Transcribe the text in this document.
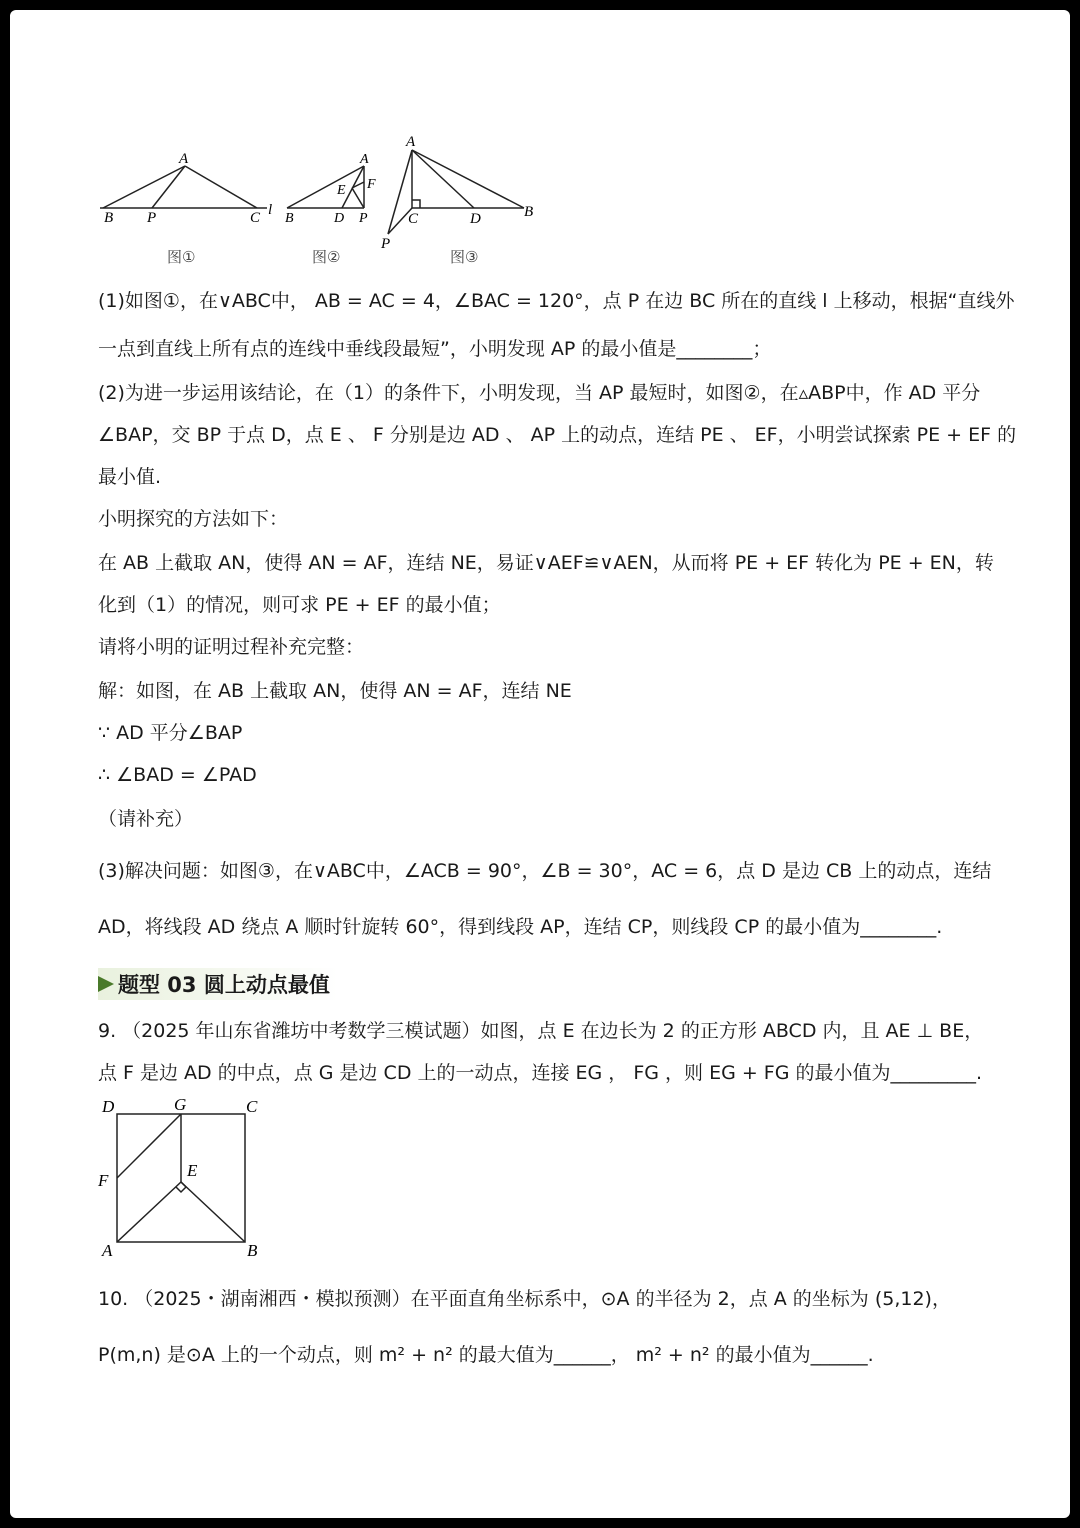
A
B P	C l
图①
A
E F
B	D P
图②
A
C	D	B
P
图③
(1)如图①，在∨ABC中， AB = AC = 4，∠BAC = 120°，点 P 在边 BC 所在的直线 l 上移动，根据“直线外
一点到直线上所有点的连线中垂线段最短”，小明发现 AP 的最小值是________；
(2)为进一步运用该结论，在（1）的条件下，小明发现，当 AP 最短时，如图②，在▵ABP中，作 AD 平分
∠BAP，交 BP 于点 D，点 E 、 F 分别是边 AD 、 AP 上的动点，连结 PE 、 EF，小明尝试探索 PE + EF 的
最小值.
小明探究的方法如下：
在 AB 上截取 AN，使得 AN = AF，连结 NE，易证∨AEF≌∨AEN，从而将 PE + EF 转化为 PE + EN，转
化到（1）的情况，则可求 PE + EF 的最小值；
请将小明的证明过程补充完整：
解：如图，在 AB 上截取 AN，使得 AN = AF，连结 NE
∵ AD 平分∠BAP
∴ ∠BAD = ∠PAD
（请补充）
(3)解决问题：如图③，在∨ABC中，∠ACB = 90°，∠B = 30°，AC = 6，点 D 是边 CB 上的动点，连结
AD，将线段 AD 绕点 A 顺时针旋转 60°，得到线段 AP，连结 CP，则线段 CP 的最小值为________.
题型 03 圆上动点最值
9. （2025 年山东省潍坊中考数学三模试题）如图，点 E 在边长为 2 的正方形 ABCD 内，且 AE ⊥ BE，
点 F 是边 AD 的中点，点 G 是边 CD 上的一动点，连接 EG ， FG ，则 EG + FG 的最小值为_________.
D	G	C
F
E
A	B
10. （2025・湖南湘西・模拟预测）在平面直角坐标系中，⊙A 的半径为 2，点 A 的坐标为 (5,12)，
P(m,n) 是⊙A 上的一个动点，则 m² + n² 的最大值为______， m² + n² 的最小值为______.
